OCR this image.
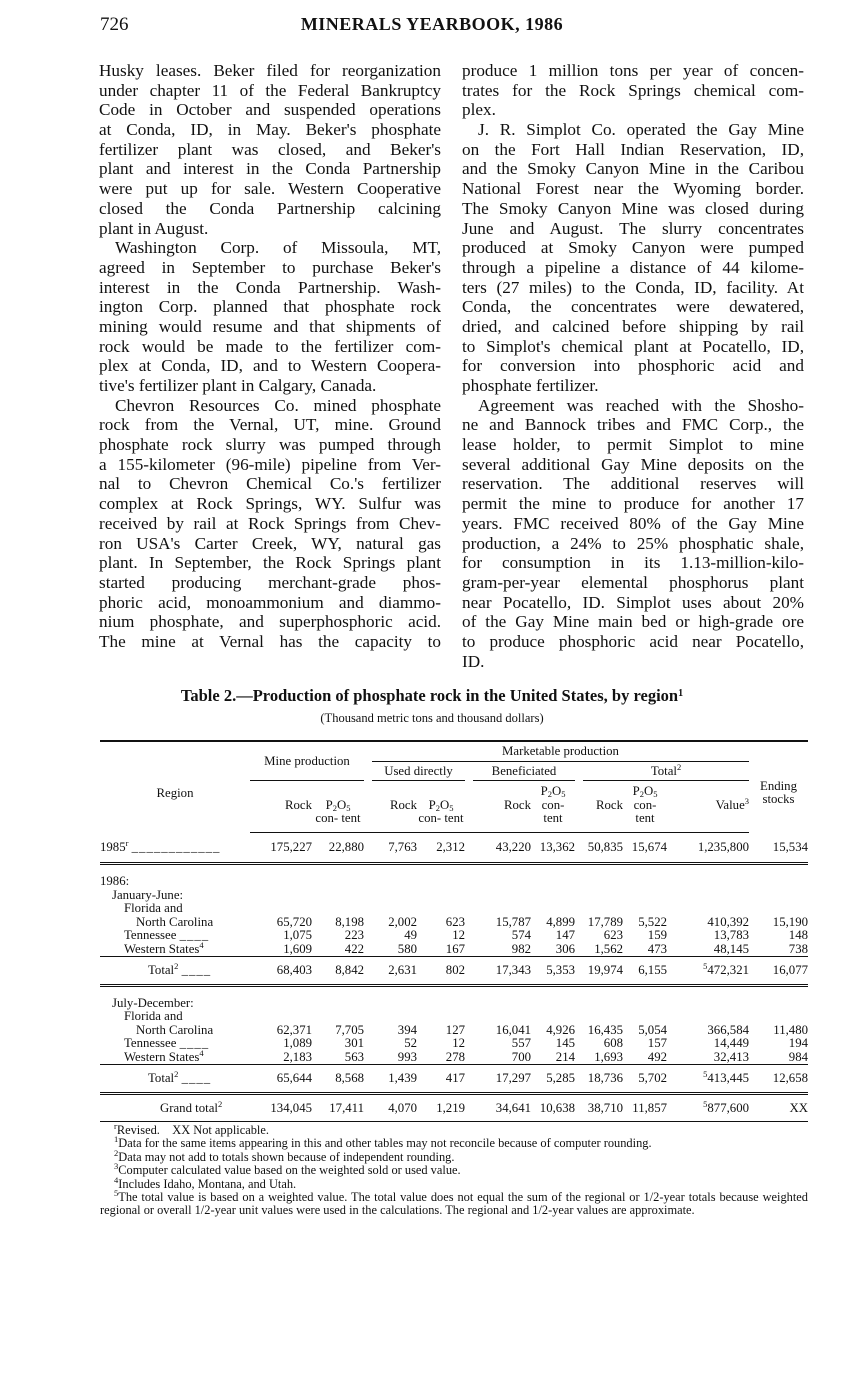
726	MINERALS YEARBOOK, 1986
Husky leases. Beker filed for reorganization
under chapter 11 of the Federal Bankruptcy
Code in October and suspended operations
at Conda, ID, in May. Beker's phosphate
fertilizer plant was closed, and Beker's
plant and interest in the Conda Partnership
were put up for sale. Western Cooperative
closed the Conda Partnership calcining
plant in August.
Washington Corp. of Missoula, MT,
agreed in September to purchase Beker's
interest in the Conda Partnership. Wash-
ington Corp. planned that phosphate rock
mining would resume and that shipments of
rock would be made to the fertilizer com-
plex at Conda, ID, and to Western Coopera-
tive's fertilizer plant in Calgary, Canada.
Chevron Resources Co. mined phosphate
rock from the Vernal, UT, mine. Ground
phosphate rock slurry was pumped through
a 155-kilometer (96-mile) pipeline from Ver-
nal to Chevron Chemical Co.'s fertilizer
complex at Rock Springs, WY. Sulfur was
received by rail at Rock Springs from Chev-
ron USA's Carter Creek, WY, natural gas
plant. In September, the Rock Springs plant
started producing merchant-grade phos-
phoric acid, monoammonium and diammo-
nium phosphate, and superphosphoric acid.
The mine at Vernal has the capacity to
produce 1 million tons per year of concen-
trates for the Rock Springs chemical com-
plex.
J. R. Simplot Co. operated the Gay Mine
on the Fort Hall Indian Reservation, ID,
and the Smoky Canyon Mine in the Caribou
National Forest near the Wyoming border.
The Smoky Canyon Mine was closed during
June and August. The slurry concentrates
produced at Smoky Canyon were pumped
through a pipeline a distance of 44 kilome-
ters (27 miles) to the Conda, ID, facility. At
Conda, the concentrates were dewatered,
dried, and calcined before shipping by rail
to Simplot's chemical plant at Pocatello, ID,
for conversion into phosphoric acid and
phosphate fertilizer.
Agreement was reached with the Shosho-
ne and Bannock tribes and FMC Corp., the
lease holder, to permit Simplot to mine
several additional Gay Mine deposits on the
reservation. The additional reserves will
permit the mine to produce for another 17
years. FMC received 80% of the Gay Mine
production, a 24% to 25% phosphatic shale,
for consumption in its 1.13-million-kilo-
gram-per-year elemental phosphorus plant
near Pocatello, ID. Simplot uses about 20%
of the Gay Mine main bed or high-grade ore
to produce phosphoric acid near Pocatello,
ID.
Table 2.—Production of phosphate rock in the United States, by region$^1$
(Thousand metric tons and thousand dollars)
Region	Mine production			Marketable production									Ending stocks
				Used directly			Beneficiated			Total$^2$
	Rock	$P_2O_5$
con- tent		Rock	$P_2O_5$
con- tent		Rock	$P_2O_5$
con- tent		Rock	$P_2O_5$
con- tent	Value$^3$
1985$^r$ ____________	175,227	22,880		7,763	2,312		43,220	13,362		50,835	15,674	1,235,800	15,534

1986:													
January-June:													
Florida and													
North Carolina	65,720	8,198		2,002	623		15,787	4,899		17,789	5,522	410,392	15,190
Tennessee ____	1,075	223		49	12		574	147		623	159	13,783	148
Western States$^4$	1,609	422		580	167		982	306		1,562	473	48,145	738
Total$^2$ ____	68,403	8,842		2,631	802		17,343	5,353		19,974	6,155	$^5$472,321	16,077

July-December:													
Florida and													
North Carolina	62,371	7,705		394	127		16,041	4,926		16,435	5,054	366,584	11,480
Tennessee ____	1,089	301		52	12		557	145		608	157	14,449	194
Western States$^4$	2,183	563		993	278		700	214		1,693	492	32,413	984
Total$^2$ ____	65,644	8,568		1,439	417		17,297	5,285		18,736	5,702	$^5$413,445	12,658
Grand total$^2$	134,045	17,411		4,070	1,219		34,641	10,638		38,710	11,857	$^5$877,600	XX
$^r$Revised.    XX Not applicable.
$^1$Data for the same items appearing in this and other tables may not reconcile because of computer rounding.
$^2$Data may not add to totals shown because of independent rounding.
$^3$Computer calculated value based on the weighted sold or used value.
$^4$Includes Idaho, Montana, and Utah.
$^5$The total value is based on a weighted value. The total value does not equal the sum of the regional or 1/2-year totals because weighted regional or overall 1/2-year unit values were used in the calculations. The regional and 1/2-year values are approximate.
